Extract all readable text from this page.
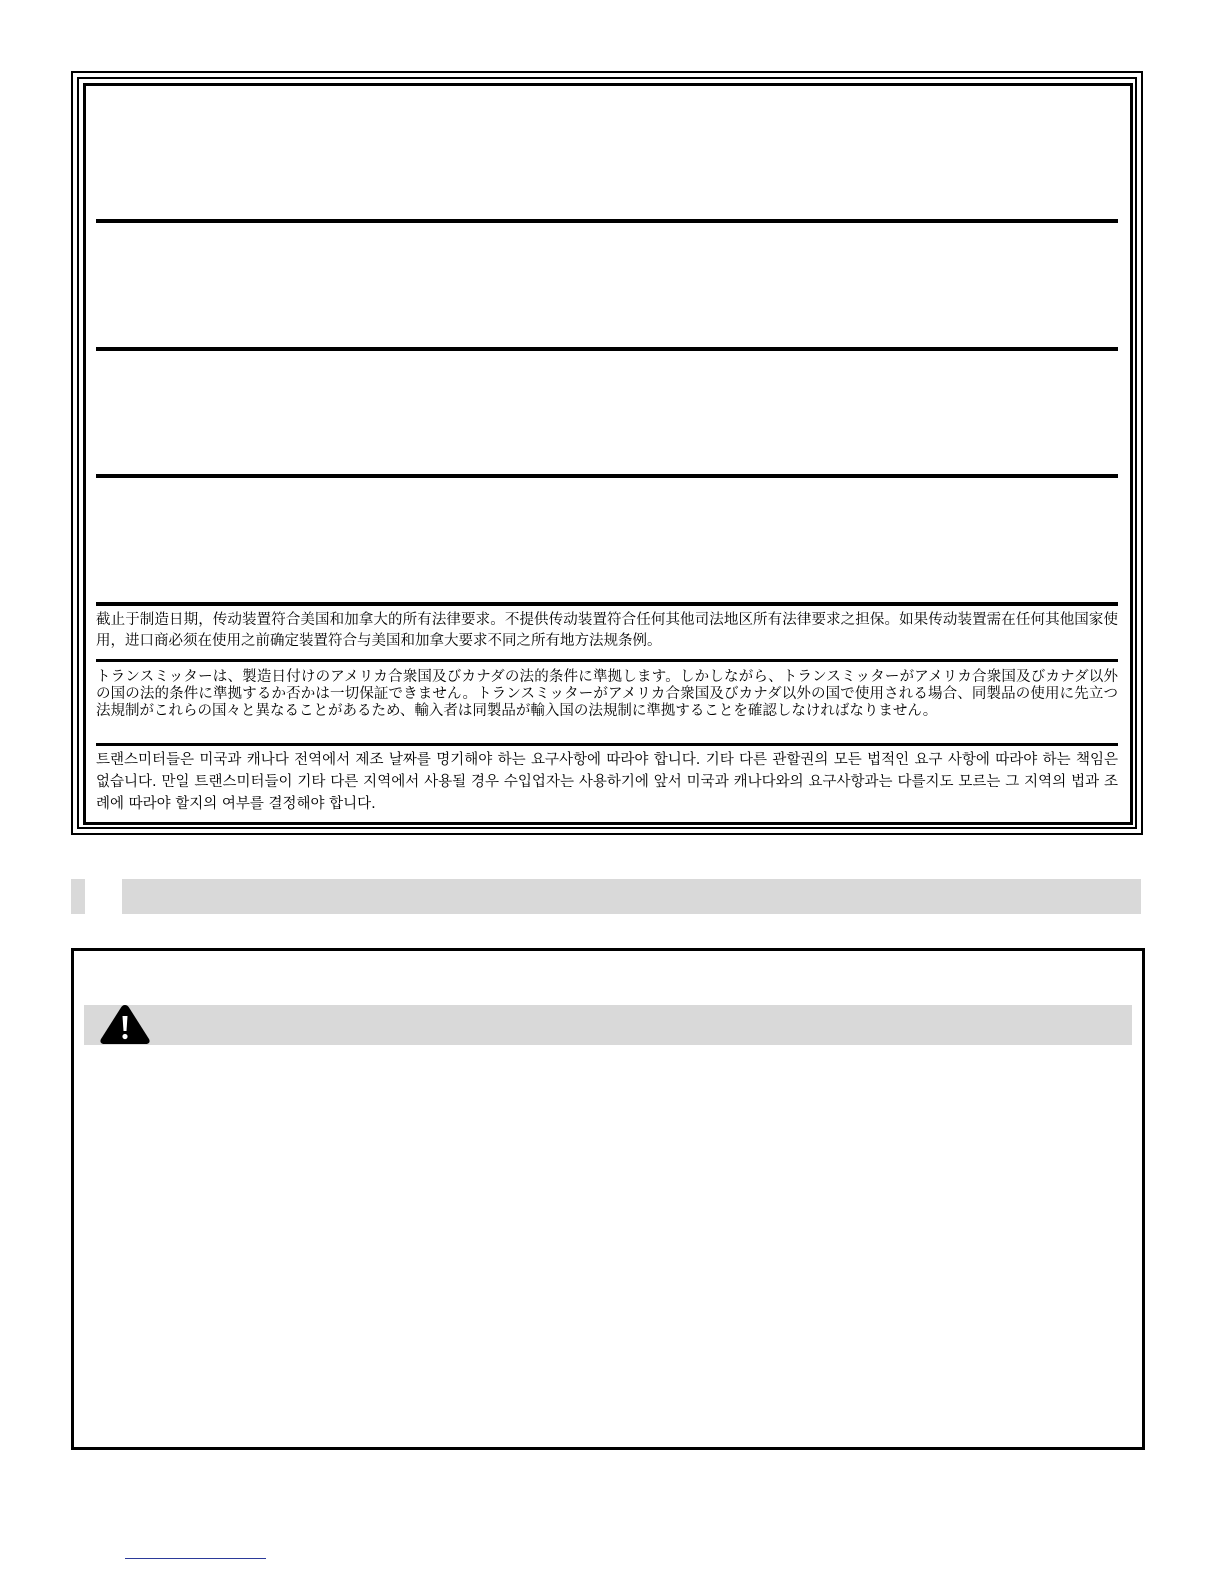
截止于制造日期，传动装置符合美国和加拿大的所有法律要求。不提供传动装置符合任何其他司法地区所有法律要求之担保。如果传动装置需在任何其他国家使用，进口商必须在使用之前确定装置符合与美国和加拿大要求不同之所有地方法规条例。

トランスミッターは、製造日付けのアメリカ合衆国及びカナダの法的条件に準拠します。しかしながら、トランスミッターがアメリカ合衆国及びカナダ以外の国の法的条件に準拠するか否かは一切保証できません。トランスミッターがアメリカ合衆国及びカナダ以外の国で使用される場合、同製品の使用に先立つ法規制がこれらの国々と異なることがあるため、輸入者は同製品が輸入国の法規制に準拠することを確認しなければなりません。

트랜스미터들은 미국과 캐나다 전역에서 제조 날짜를 명기해야 하는 요구사항에 따라야 합니다. 기타 다른 관할권의 모든 법적인 요구 사항에 따라야 하는 책임은 없습니다. 만일 트랜스미터들이 기타 다른 지역에서 사용될 경우 수입업자는 사용하기에 앞서 미국과 캐나다와의 요구사항과는 다를지도 모르는 그 지역의 법과 조례에 따라야 할지의 여부를 결정해야 합니다.
